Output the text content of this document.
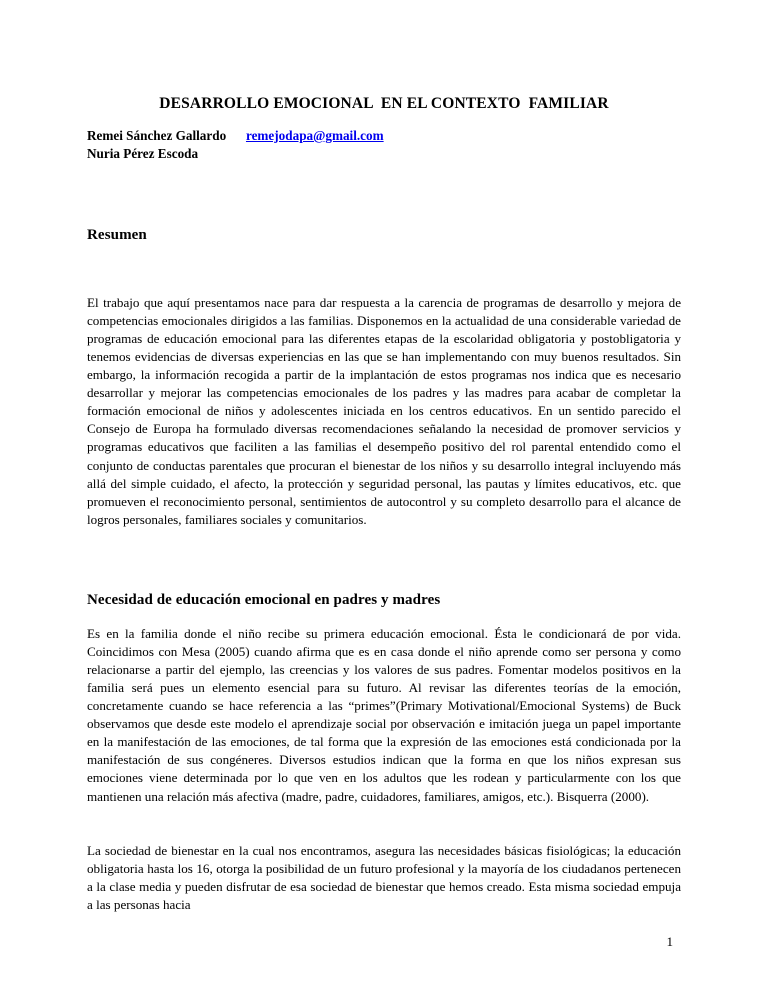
DESARROLLO EMOCIONAL  EN EL CONTEXTO  FAMILIAR
Remei Sánchez Gallardo remejodapa@gmail.com
Nuria Pérez Escoda
Resumen

El trabajo que aquí presentamos nace para dar respuesta a la carencia de programas de desarrollo y mejora de competencias emocionales dirigidos a las familias. Disponemos en la actualidad de una considerable variedad de programas de educación emocional para las diferentes etapas de la escolaridad obligatoria y postobligatoria y tenemos evidencias de diversas experiencias en las que se han implementando con muy buenos resultados. Sin embargo, la información recogida a partir de la implantación de estos programas nos indica que es necesario desarrollar y mejorar las competencias emocionales de los padres y las madres para acabar de completar la formación emocional de niños y adolescentes iniciada en los centros educativos. En un sentido parecido el Consejo de Europa ha formulado diversas recomendaciones señalando la necesidad de promover servicios y programas educativos que faciliten a las familias el desempeño positivo del rol parental entendido como el conjunto de conductas parentales que procuran el bienestar de los niños y su desarrollo integral incluyendo más allá del simple cuidado, el afecto, la protección y seguridad personal, las pautas y límites educativos, etc. que promueven el reconocimiento personal, sentimientos de autocontrol y su completo desarrollo para el alcance de logros personales, familiares sociales y comunitarios.

Necesidad de educación emocional en padres y madres

Es en la familia donde el niño recibe su primera educación emocional. Ésta le condicionará de por vida. Coincidimos con Mesa (2005) cuando afirma que es en casa donde el niño aprende como ser persona y como relacionarse a partir del ejemplo, las creencias y los valores de sus padres. Fomentar modelos positivos en la familia será pues un elemento esencial para su futuro. Al revisar las diferentes teorías de la emoción, concretamente cuando se hace referencia a las “primes”(Primary Motivational/Emocional Systems) de Buck observamos que desde este modelo el aprendizaje social por observación e imitación juega un papel importante en la manifestación de las emociones, de tal forma que la expresión de las emociones está condicionada por la manifestación de sus congéneres. Diversos estudios indican que la forma en que los niños expresan sus emociones viene determinada por lo que ven en los adultos que les rodean y particularmente con los que mantienen una relación más afectiva (madre, padre, cuidadores, familiares, amigos, etc.). Bisquerra (2000).

La sociedad de bienestar en la cual nos encontramos, asegura las necesidades básicas fisiológicas; la educación obligatoria hasta los 16, otorga la posibilidad de un futuro profesional y la mayoría de los ciudadanos pertenecen a la clase media y pueden disfrutar de esa sociedad de bienestar que hemos creado. Esta misma sociedad empuja a las personas hacia

1
